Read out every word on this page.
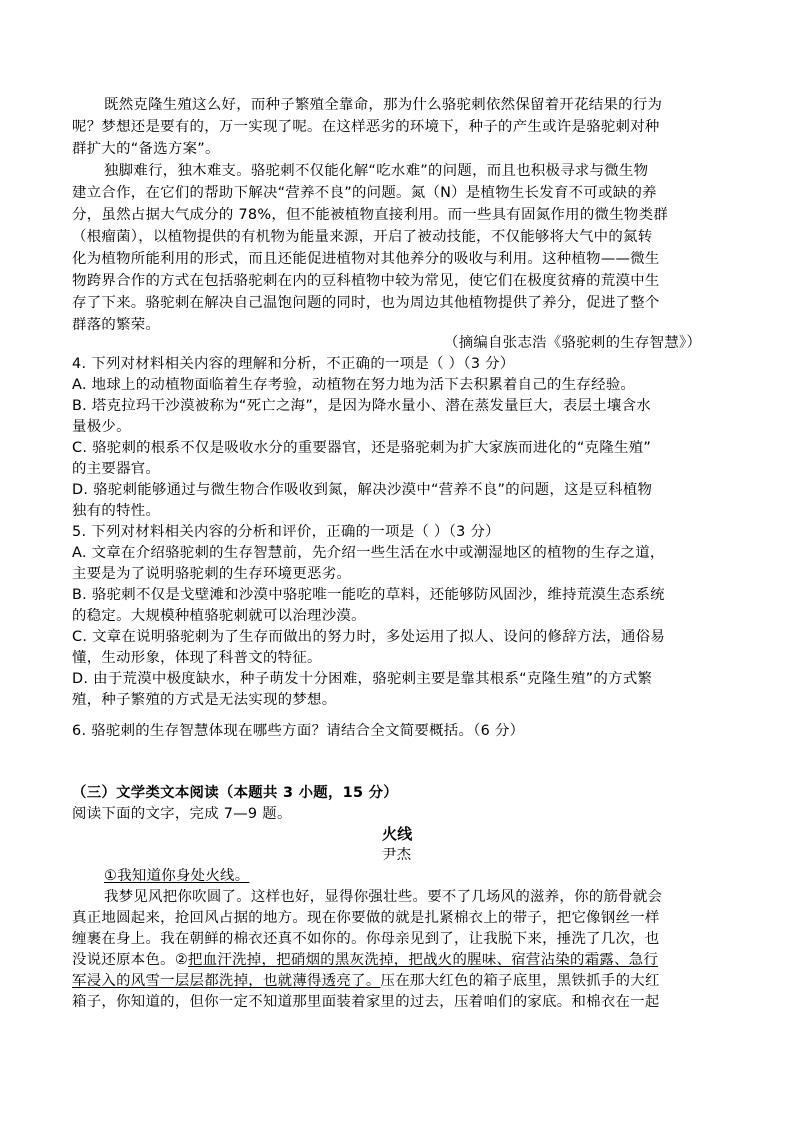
既然克隆生殖这么好，而种子繁殖全靠命，那为什么骆驼刺依然保留着开花结果的行为
呢？梦想还是要有的，万一实现了呢。在这样恶劣的环境下，种子的产生或许是骆驼刺对种
群扩大的“备选方案”。
独脚难行，独木难支。骆驼刺不仅能化解“吃水难”的问题，而且也积极寻求与微生物
建立合作，在它们的帮助下解决“营养不良”的问题。氮（N）是植物生长发育不可或缺的养
分，虽然占据大气成分的 78%，但不能被植物直接利用。而一些具有固氮作用的微生物类群
（根瘤菌），以植物提供的有机物为能量来源，开启了被动技能，不仅能够将大气中的氮转
化为植物所能利用的形式，而且还能促进植物对其他养分的吸收与利用。这种植物——微生
物跨界合作的方式在包括骆驼刺在内的豆科植物中较为常见，使它们在极度贫瘠的荒漠中生
存了下来。骆驼刺在解决自己温饱问题的同时，也为周边其他植物提供了养分，促进了整个
群落的繁荣。
（摘编自张志浩《骆驼刺的生存智慧》）
4. 下列对材料相关内容的理解和分析，不正确的一项是（ ）（3 分）
A. 地球上的动植物面临着生存考验，动植物在努力地为活下去积累着自己的生存经验。
B. 塔克拉玛干沙漠被称为“死亡之海”，是因为降水量小、潜在蒸发量巨大，表层土壤含水
量极少。
C. 骆驼刺的根系不仅是吸收水分的重要器官，还是骆驼刺为扩大家族而进化的“克隆生殖”
的主要器官。
D. 骆驼刺能够通过与微生物合作吸收到氮，解决沙漠中“营养不良”的问题，这是豆科植物
独有的特性。
5. 下列对材料相关内容的分析和评价，正确的一项是（ ）（3 分）
A. 文章在介绍骆驼刺的生存智慧前，先介绍一些生活在水中或潮湿地区的植物的生存之道，
主要是为了说明骆驼刺的生存环境更恶劣。
B. 骆驼刺不仅是戈壁滩和沙漠中骆驼唯一能吃的草料，还能够防风固沙，维持荒漠生态系统
的稳定。大规模种植骆驼刺就可以治理沙漠。
C. 文章在说明骆驼刺为了生存而做出的努力时，多处运用了拟人、设问的修辞方法，通俗易
懂，生动形象，体现了科普文的特征。
D. 由于荒漠中极度缺水，种子萌发十分困难，骆驼刺主要是靠其根系“克隆生殖”的方式繁
殖，种子繁殖的方式是无法实现的梦想。
6. 骆驼刺的生存智慧体现在哪些方面？请结合全文简要概括。（6 分）
（三）文学类文本阅读（本题共 3 小题，15 分）
阅读下面的文字，完成 7—9 题。
火线
尹杰
①我知道你身处火线。
我梦见风把你吹圆了。这样也好，显得你强壮些。要不了几场风的滋养，你的筋骨就会
真正地圆起来，抢回风占据的地方。现在你要做的就是扎紧棉衣上的带子，把它像钢丝一样
缠裹在身上。我在朝鲜的棉衣还真不如你的。你母亲见到了，让我脱下来，捶洗了几次，也
没说还原本色。②把血汗洗掉，把硝烟的黑灰洗掉，把战火的腥味、宿营沾染的霜露、急行
军浸入的风雪一层层都洗掉，也就薄得透亮了。压在那大红色的箱子底里，黑铁抓手的大红
箱子，你知道的，但你一定不知道那里面装着家里的过去，压着咱们的家底。和棉衣在一起
